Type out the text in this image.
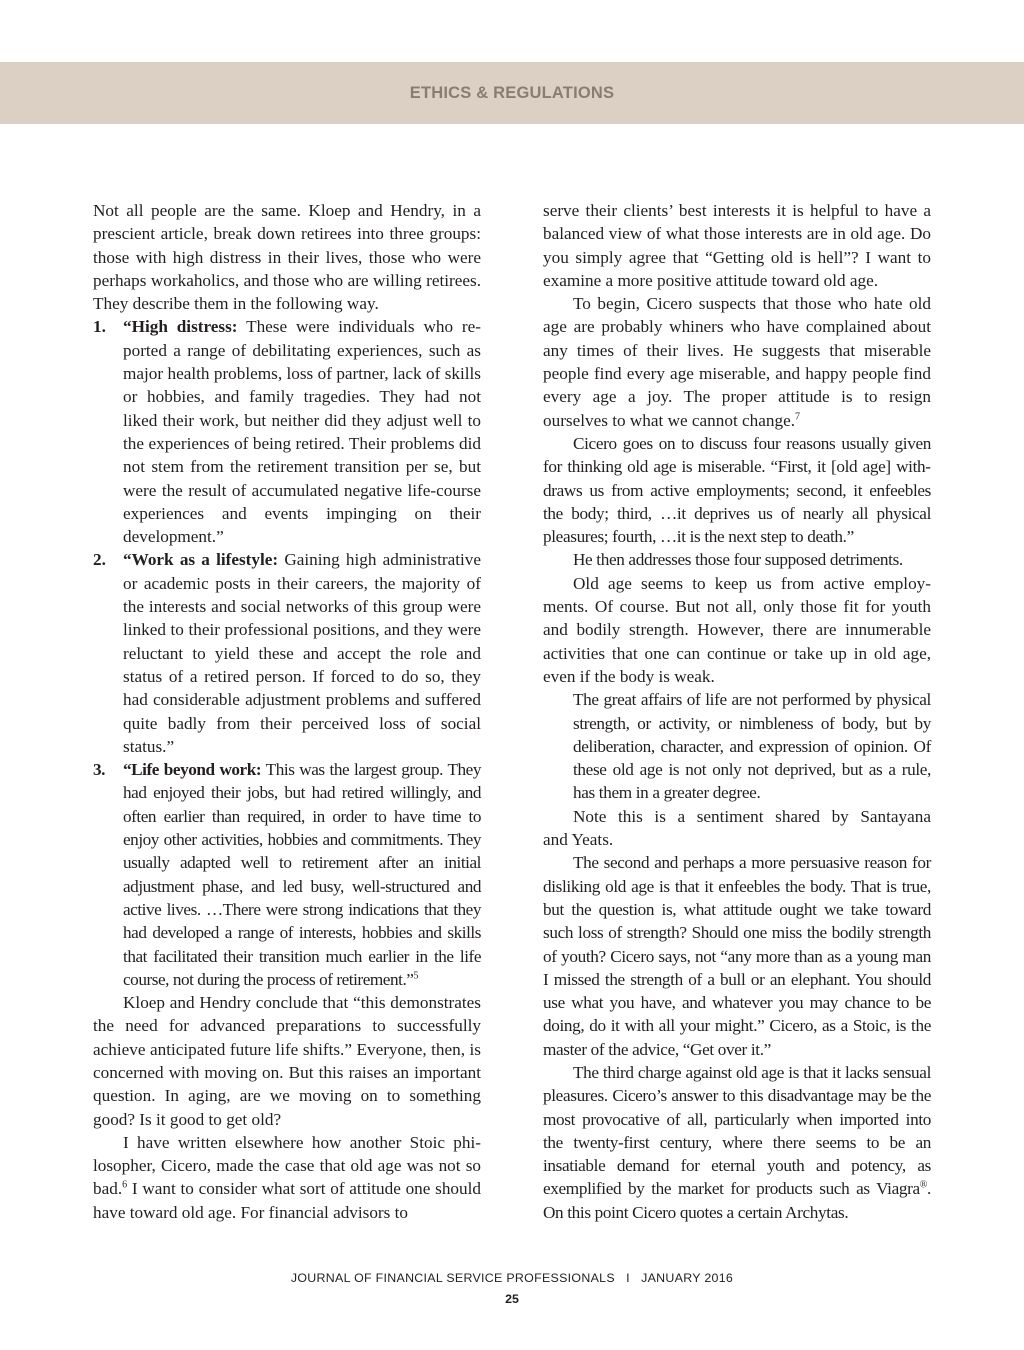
ETHICS & REGULATIONS

Not all people are the same. Kloep and Hendry, in a prescient article, break down retirees into three groups: those with high distress in their lives, those who were perhaps workaholics, and those who are willing retirees. They describe them in the following way.

1. “High distress: These were individuals who reported a range of debilitating experiences, such as major health problems, loss of partner, lack of skills or hobbies, and family tragedies. They had not liked their work, but neither did they adjust well to the experiences of being retired. Their problems did not stem from the retirement transition per se, but were the result of accumulated negative life-course experiences and events impinging on their development.”
2. “Work as a lifestyle: Gaining high administrative or academic posts in their careers, the majority of the interests and social networks of this group were linked to their professional positions, and they were reluctant to yield these and accept the role and status of a retired person. If forced to do so, they had considerable adjustment problems and suffered quite badly from their perceived loss of social status.”
3. “Life beyond work: This was the largest group. They had enjoyed their jobs, but had retired willingly, and often earlier than required, in order to have time to enjoy other activities, hobbies and commitments. They usually adapted well to retirement after an initial adjustment phase, and led busy, well-structured and active lives. …There were strong indications that they had developed a range of interests, hobbies and skills that facilitated their transition much earlier in the life course, not during the process of retirement.”$^5$

Kloep and Hendry conclude that “this demonstrates the need for advanced preparations to successfully achieve anticipated future life shifts.” Everyone, then, is concerned with moving on. But this raises an important question. In aging, are we moving on to something good? Is it good to get old?

I have written elsewhere how another Stoic philosopher, Cicero, made the case that old age was not so bad.$^6$ I want to consider what sort of attitude one should have toward old age. For financial advisors to

serve their clients’ best interests it is helpful to have a balanced view of what those interests are in old age. Do you simply agree that “Getting old is hell”? I want to examine a more positive attitude toward old age.

To begin, Cicero suspects that those who hate old age are probably whiners who have complained about any times of their lives. He suggests that miserable people find every age miserable, and happy people find every age a joy. The proper attitude is to resign ourselves to what we cannot change.$^7$

Cicero goes on to discuss four reasons usually given for thinking old age is miserable. “First, it [old age] withdraws us from active employments; second, it enfeebles the body; third, …it deprives us of nearly all physical pleasures; fourth, …it is the next step to death.”

He then addresses those four supposed detriments.

Old age seems to keep us from active employments. Of course. But not all, only those fit for youth and bodily strength. However, there are innumerable activities that one can continue or take up in old age, even if the body is weak.

The great affairs of life are not performed by physical strength, or activity, or nimbleness of body, but by deliberation, character, and expression of opinion. Of these old age is not only not deprived, but as a rule, has them in a greater degree.

Note this is a sentiment shared by Santayana

and Yeats.

The second and perhaps a more persuasive reason for disliking old age is that it enfeebles the body. That is true, but the question is, what attitude ought we take toward such loss of strength? Should one miss the bodily strength of youth? Cicero says, not “any more than as a young man I missed the strength of a bull or an elephant. You should use what you have, and whatever you may chance to be doing, do it with all your might.” Cicero, as a Stoic, is the master of the advice, “Get over it.”

The third charge against old age is that it lacks sensual pleasures. Cicero’s answer to this disadvantage may be the most provocative of all, particularly when imported into the twenty-first century, where there seems to be an insatiable demand for eternal youth and potency, as exemplified by the market for products such as Viagra®. On this point Cicero quotes a certain Archytas.

JOURNAL OF FINANCIAL SERVICE PROFESSIONALS   I   JANUARY 2016
25
